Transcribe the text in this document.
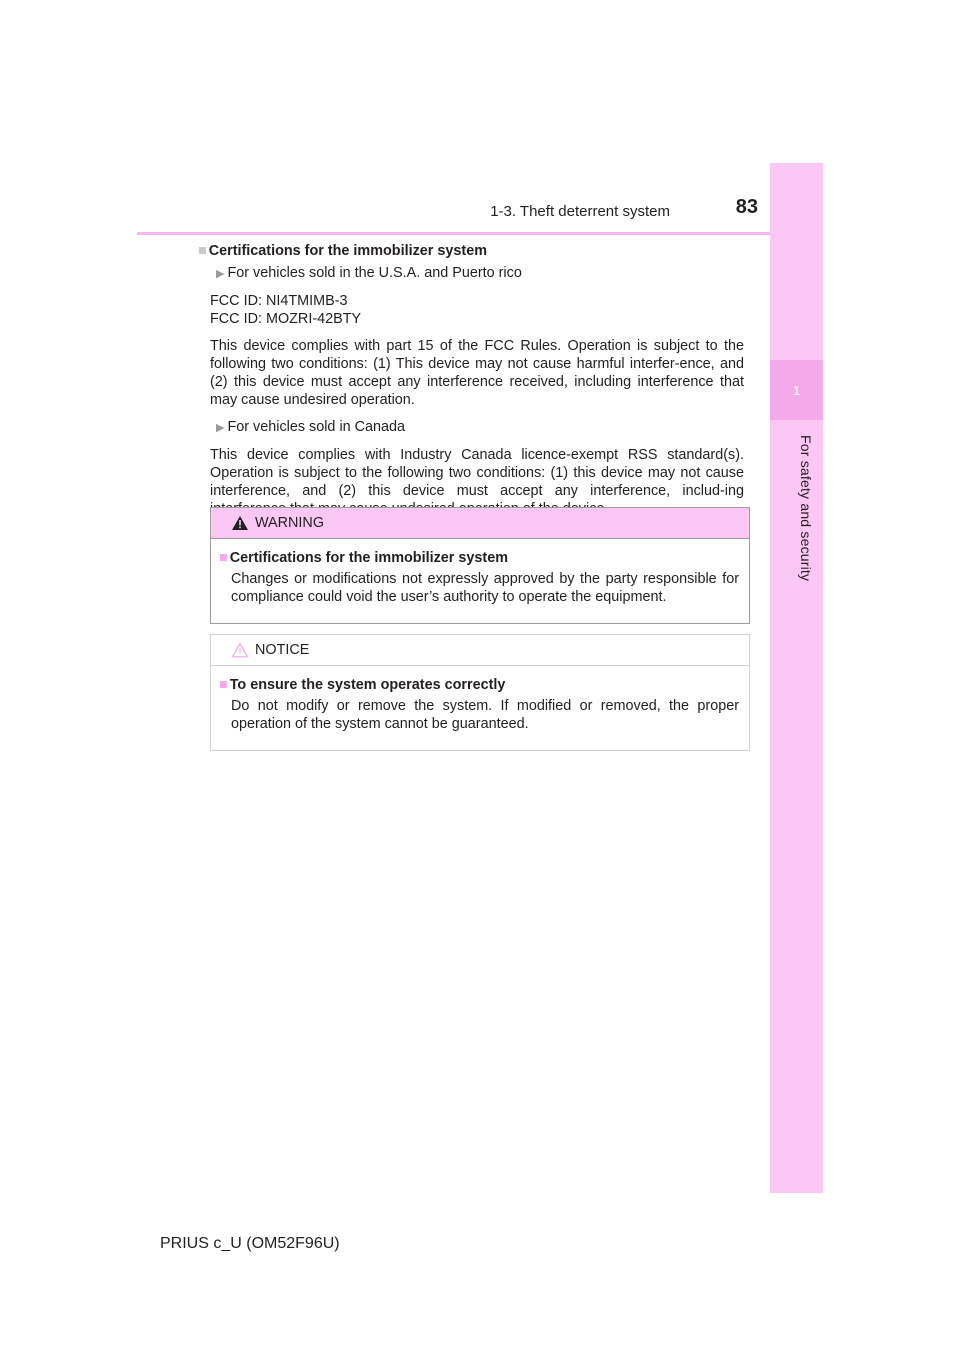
1-3. Theft deterrent system	83
1
For safety and security
■ Certifications for the immobilizer system
▶ For vehicles sold in the U.S.A. and Puerto rico
FCC ID: NI4TMIMB-3
FCC ID: MOZRI-42BTY
This device complies with part 15 of the FCC Rules. Operation is subject to the following two conditions: (1) This device may not cause harmful interfer-ence, and (2) this device must accept any interference received, including interference that may cause undesired operation.
▶ For vehicles sold in Canada
This device complies with Industry Canada licence-exempt RSS standard(s). Operation is subject to the following two conditions: (1) this device may not cause interference, and (2) this device must accept any interference, includ-ing
WARNING
■ Certifications for the immobilizer system
Changes or modifications not expressly approved by the party responsible for compliance could void the user’s authority to operate the equipment.
NOTICE
■ To ensure the system operates correctly
Do not modify or remove the system. If modified or removed, the proper operation of the system cannot be guaranteed.
PRIUS c_U (OM52F96U)
